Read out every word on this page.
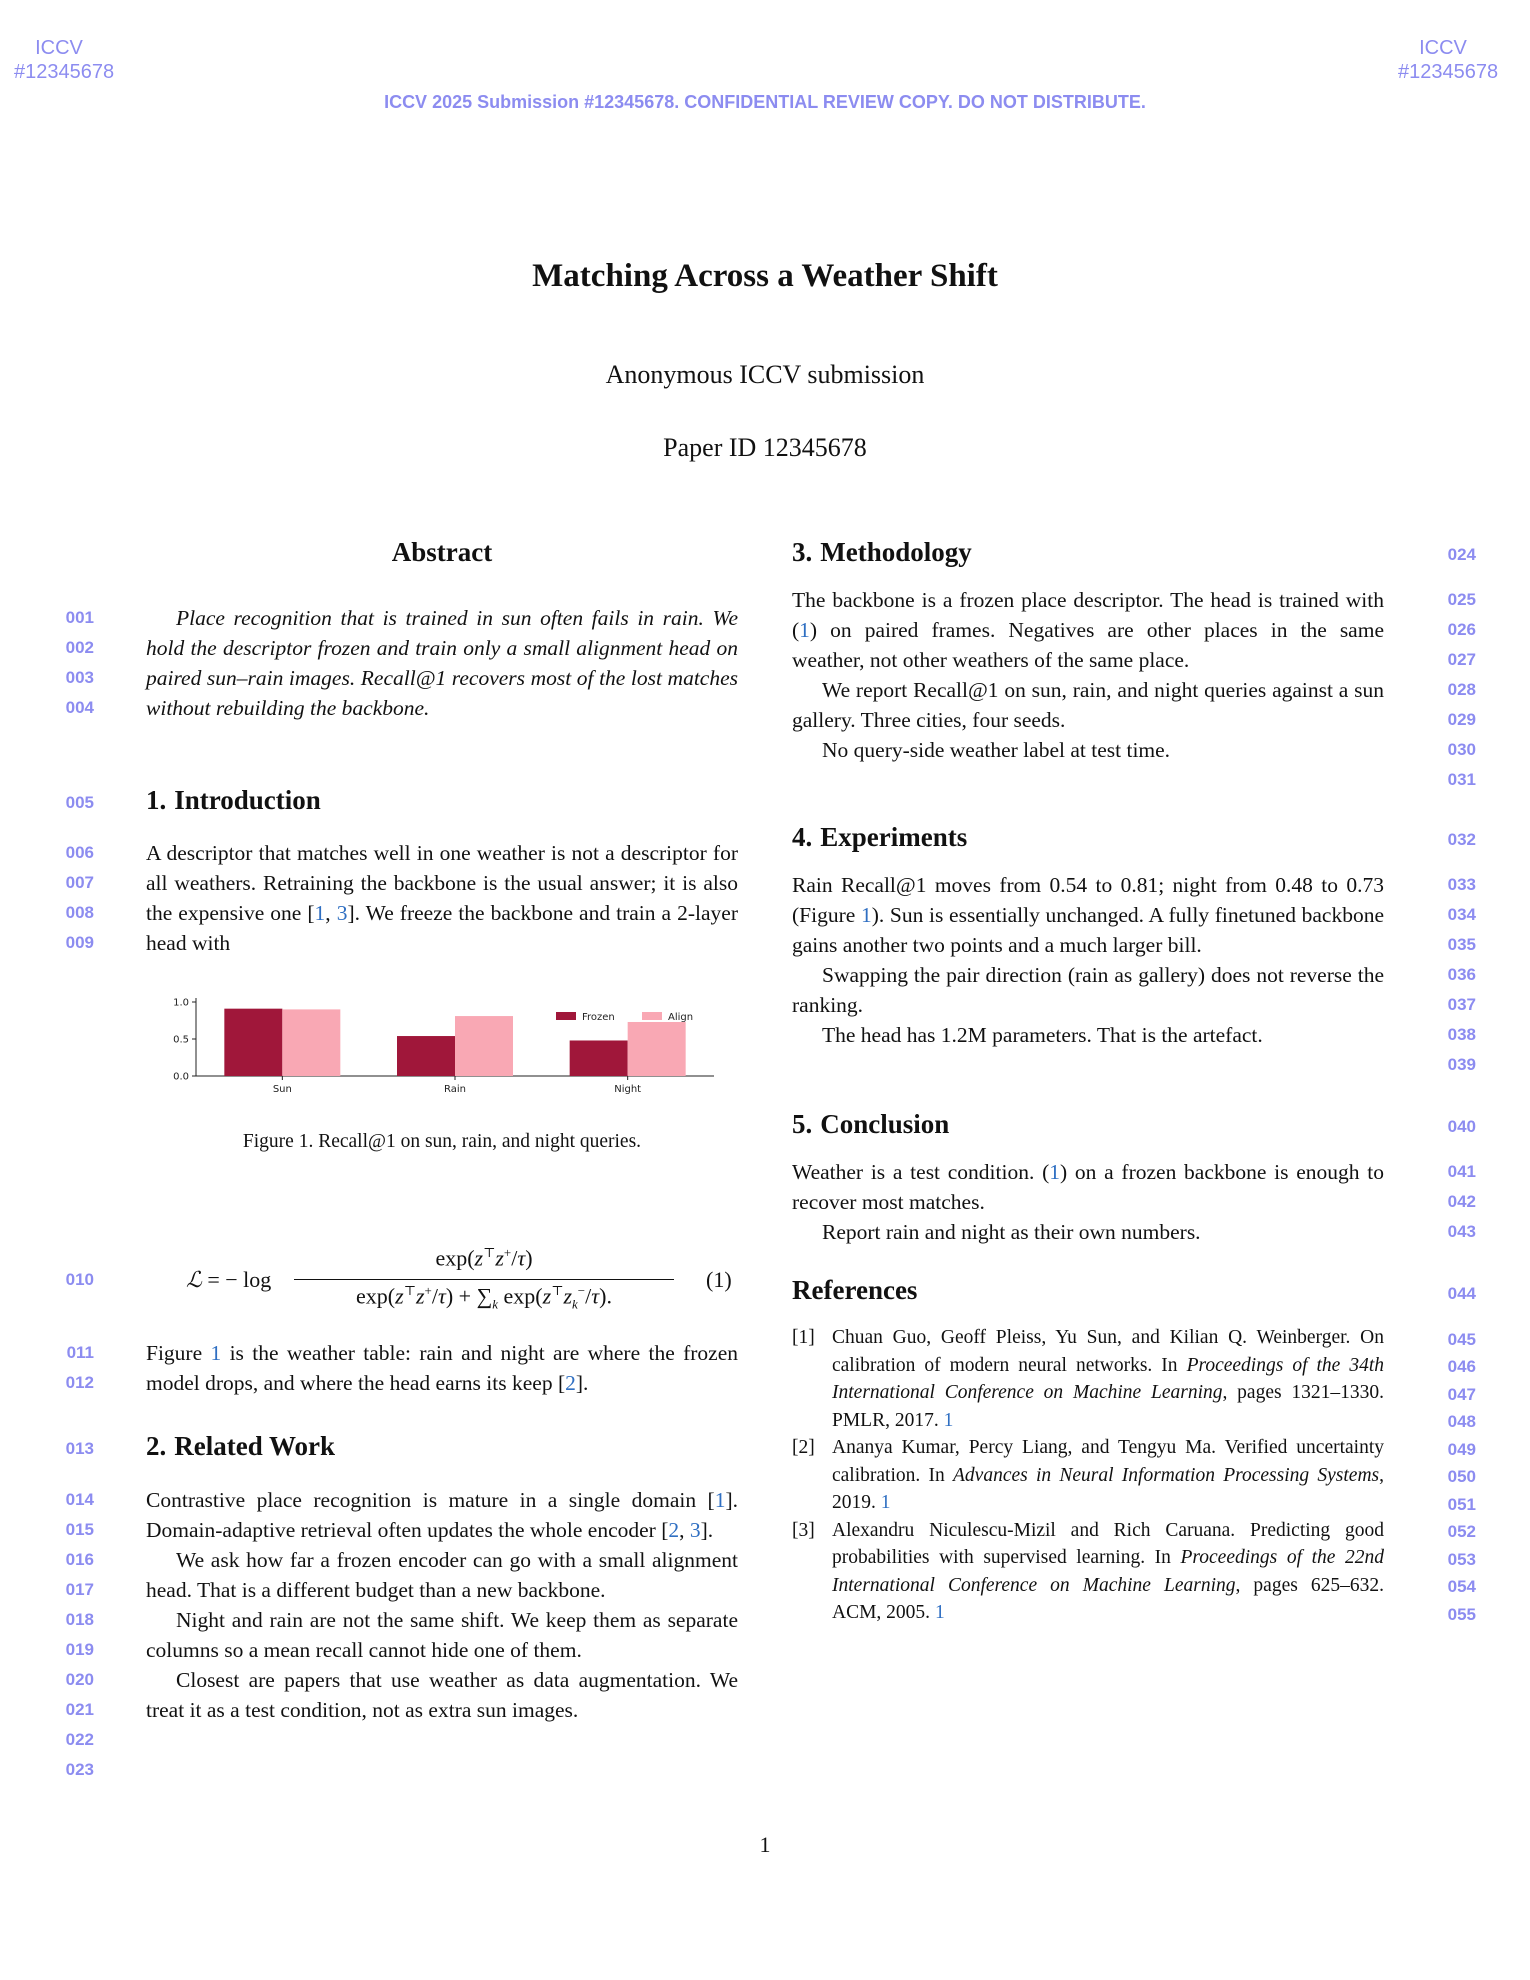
ICCV
#12345678
ICCV
#12345678
ICCV 2025 Submission #12345678. CONFIDENTIAL REVIEW COPY. DO NOT DISTRIBUTE.
Matching Across a Weather Shift
Anonymous ICCV submission
Paper ID 12345678
Abstract
Place recognition that is trained in sun often fails in rain. We hold the descriptor frozen and train only a small alignment head on paired sun–rain images. Recall@1 recovers most of the lost matches without rebuilding the backbone.
1. Introduction
A descriptor that matches well in one weather is not a descriptor for all weathers. Retraining the backbone is the usual answer; it is also the expensive one [1, 3]. We freeze the backbone and train a 2-layer head with
0.0
0.5
1.0
Sun	Rain	Night
Frozen	Align
Figure 1. Recall@1 on sun, rain, and night queries.
ℒ = − log
exp(z⊤z+/τ)
$\exp(z^⊤z^+/\tau) + \sum_k$ $\exp(z^⊤z_k^-/\tau)$.
(1)
Figure 1 is the weather table: rain and night are where the frozen model drops, and where the head earns its keep [2].
2. Related Work

Contrastive place recognition is mature in a single domain [1]. Domain-adaptive retrieval often updates the whole encoder [2, 3].

We ask how far a frozen encoder can go with a small alignment head. That is a different budget than a new backbone.

Night and rain are not the same shift. We keep them as separate columns so a mean recall cannot hide one of them.

Closest are papers that use weather as data augmentation. We treat it as a test condition, not as extra sun images.

3. Methodology

The backbone is a frozen place descriptor. The head is trained with (1) on paired frames. Negatives are other places in the same weather, not other weathers of the same place.

We report Recall@1 on sun, rain, and night queries against a sun gallery. Three cities, four seeds.

No query-side weather label at test time.

4. Experiments

Rain Recall@1 moves from 0.54 to 0.81; night from 0.48 to 0.73 (Figure 1). Sun is essentially unchanged. A fully finetuned backbone gains another two points and a much larger bill.

Swapping the pair direction (rain as gallery) does not reverse the ranking.

The head has 1.2M parameters. That is the artefact.

5. Conclusion

Weather is a test condition. (1) on a frozen backbone is enough to recover most matches.

Report rain and night as their own numbers.

References

[1] Chuan Guo, Geoff Pleiss, Yu Sun, and Kilian Q. Weinberger. On calibration of modern neural networks. In Proceedings of the 34th International Conference on Machine Learning, pages 1321–1330. PMLR, 2017. 1

[2] Ananya Kumar, Percy Liang, and Tengyu Ma. Verified uncertainty calibration. In Advances in Neural Information Processing Systems, 2019. 1

[3] Alexandru Niculescu-Mizil and Rich Caruana. Predicting good probabilities with supervised learning. In Proceedings of the 22nd International Conference on Machine Learning, pages 625–632. ACM, 2005. 1

001
002
003
004
005
006
007
008
009
010
011
012
013
014
015
016
017
018
019
020
021
022
023
024
025
026
027
028
029
030
031
032
033
034
035
036
037
038
039
040
041
042
043
044
045
046
047
048
049
050
051
052
053
054
055
1
